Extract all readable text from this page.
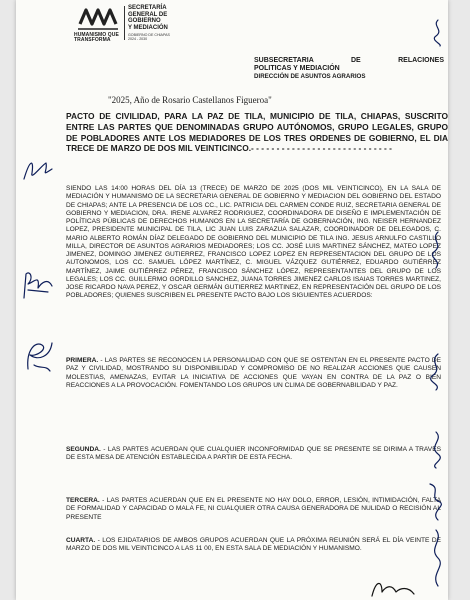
HUMANISMO QUE TRANSFORMA
SECRETARÍA
GENERAL DE
GOBIERNO
Y MEDIACIÓN
GOBIERNO DE CHIAPAS
2024 - 2030
SUBSECRETARIA DE RELACIONES
POLITICAS Y MEDIACIÓN
DIRECCIÓN DE ASUNTOS AGRARIOS
"2025, Año de Rosario Castellanos Figueroa"
PACTO DE CIVILIDAD, PARA LA PAZ DE TILA, MUNICIPIO DE TILA, CHIAPAS, SUSCRITO ENTRE LAS PARTES QUE DENOMINADAS GRUPO AUTÓNOMOS, GRUPO LEGALES, GRUPO DE POBLADORES ANTE LOS MEDIADORES DE LOS TRES ORDENES DE GOBIERNO, EL DIA TRECE DE MARZO DE DOS MIL VEINTICINCO.- - - - - - - - - - - - - - - - - - - - - - - - - - - -
SIENDO LAS 14:00 HORAS DEL DÍA 13 (TRECE) DE MARZO DE 2025 (DOS MIL VEINTICINCO), EN LA SALA DE MEDIACIÓN Y HUMANISMO DE LA SECRETARIA GENERAL DE GOBIERNO Y MEDIACION DEL GOBIERNO DEL ESTADO DE CHIAPAS; ANTE LA PRESENCIA DE LOS CC., LIC. PATRICIA DEL CARMEN CONDE RUIZ, SECRETARIA GENERAL DE GOBIERNO Y MEDIACION, DRA. IRENE ALVAREZ RODRIGUEZ, COORDINADORA DE DISEÑO E IMPLEMENTACIÓN DE POLÍTICAS PÚBLICAS DE DERECHOS HUMANOS EN LA SECRETARÍA DE GOBERNACIÓN, ING. NEISER HERNANDEZ LOPEZ, PRESIDENTE MUNICIPAL DE TILA, LIC JUAN LUIS ZARAZUA SALAZAR, COORDINADOR DE DELEGADOS, C. MARIO ALBERTO ROMÁN DÍAZ DELEGADO DE GOBIERNO DEL MUNICIPIO DE TILA ING. JESUS ARNULFO CASTILLO MILLA, DIRECTOR DE ASUNTOS AGRARIOS MEDIADORES; LOS CC. JOSÉ LUIS MARTINEZ SÁNCHEZ, MATEO LOPEZ JIMENEZ, DOMINGO JIMENEZ GUTIERREZ, FRANCISCO LOPEZ LOPEZ EN REPRESENTACION DEL GRUPO DE LOS AUTONOMOS, LOS CC. SAMUEL LÓPEZ MARTÍNEZ, C. MIGUEL VÁZQUEZ GUTIÉRREZ, EDUARDO GUTIÉRREZ MARTÍNEZ, JAIME GUTIÉRREZ PÉREZ, FRANCISCO SÁNCHEZ LÓPEZ, REPRESENTANTES DEL GRUPO DE LOS LEGALES; LOS CC. GUILLERMO GORDILLO SANCHEZ, JUANA TORRES JIMENEZ CARLOS ISAIAS TORRES MARTINEZ, JOSE RICARDO NAVA PEREZ, Y OSCAR GERMÁN GUTIERREZ MARTINEZ, EN REPRESENTACIÓN DEL GRUPO DE LOS POBLADORES; QUIENES SUSCRIBEN EL PRESENTE PACTO BAJO LOS SIGUIENTES ACUERDOS:
PRIMERA. - LAS PARTES SE RECONOCEN LA PERSONALIDAD CON QUE SE OSTENTAN EN EL PRESENTE PACTO DE PAZ Y CIVILIDAD, MOSTRANDO SU DISPONIBILIDAD Y COMPROMISO DE NO REALIZAR ACCIONES QUE CAUSEN MOLESTIAS, AMENAZAS, EVITAR LA INICIATIVA DE ACCIONES QUE VAYAN EN CONTRA DE LA PAZ O BIEN REACCIONES A LA PROVOCACIÓN. FOMENTANDO LOS GRUPOS UN CLIMA DE GOBERNABILIDAD Y PAZ.
SEGUNDA. - LAS PARTES ACUERDAN QUE CUALQUIER INCONFORMIDAD QUE SE PRESENTE SE DIRIMA A TRAVES DE ESTA MESA DE ATENCIÓN ESTABLECIDA A PARTIR DE ESTA FECHA.
TERCERA. - LAS PARTES ACUERDAN QUE EN EL PRESENTE NO HAY DOLO, ERROR, LESIÓN, INTIMIDACIÓN, FALTA DE FORMALIDAD Y CAPACIDAD O MALA FE, NI CUALQUIER OTRA CAUSA GENERADORA DE NULIDAD O RECISIÓN AL PRESENTE
CUARTA. - LOS EJIDATARIOS DE AMBOS GRUPOS ACUERDAN QUE LA PRÓXIMA REUNIÓN SERÁ EL DÍA VEINTE DE MARZO DE DOS MIL VEINTICINCO A LAS 11 00, EN ESTA SALA DE MEDIACIÓN Y HUMANISMO.
